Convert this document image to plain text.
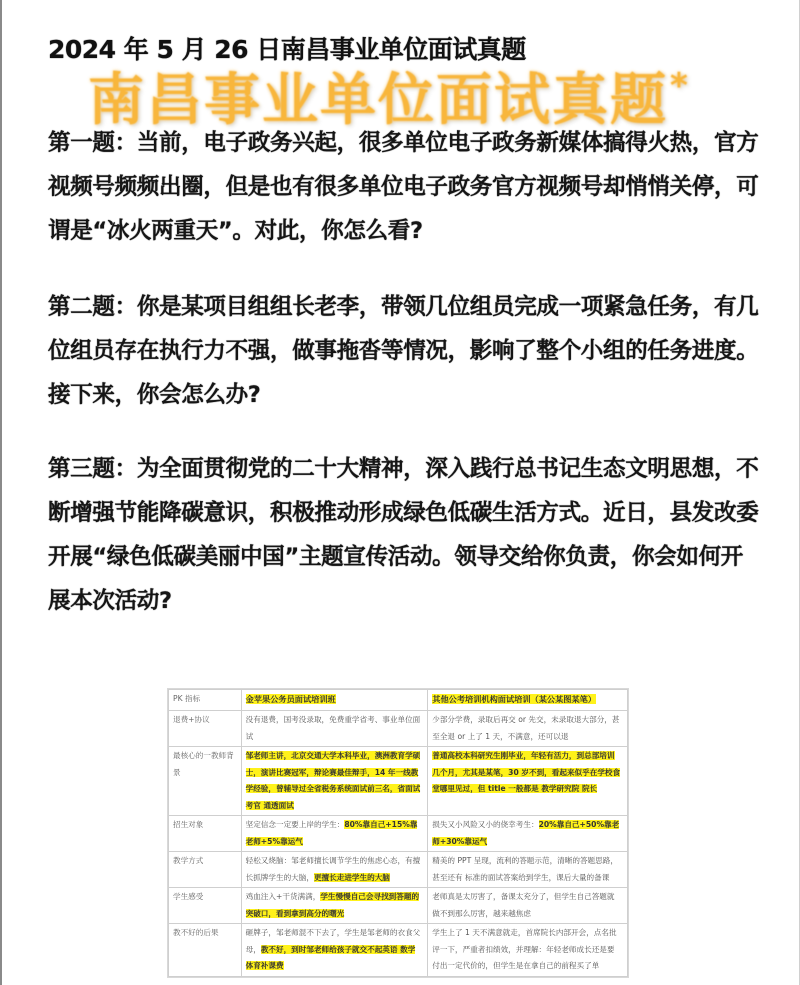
2024 年 5 月 26 日南昌事业单位面试真题
南昌事业单位面试真题*
第一题：当前，电子政务兴起，很多单位电子政务新媒体搞得火热，官方视频号频频出圈，但是也有很多单位电子政务官方视频号却悄悄关停，可谓是“冰火两重天”。对此，你怎么看?
第二题：你是某项目组组长老李，带领几位组员完成一项紧急任务，有几位组员存在执行力不强，做事拖沓等情况，影响了整个小组的任务进度。接下来，你会怎么办?
第三题：为全面贯彻党的二十大精神，深入践行总书记生态文明思想，不断增强节能降碳意识，积极推动形成绿色低碳生活方式。近日，县发改委开展“绿色低碳美丽中国”主题宣传活动。领导交给你负责，你会如何开展本次活动?
PK 指标	金苹果公务员面试培训班	其他公考培训机构面试培训（某公某图某笔）
退费+协议	没有退费，国考没录取，免费重学省考、事业单位面试	少部分学费，录取后再交 or 先交，未录取退大部分，甚至全退 or 上了 1 天，不满意，还可以退
最核心的一教师背景	邹老师主讲，北京交通大学本科毕业，澳洲教育学硕士，演讲比赛冠军，辩论赛最佳辩手，14 年一线教学经验，曾辅导过全省税务系统面试前三名，省面试考官 通透面试	普通高校本科研究生刚毕业，年轻有活力，到总部培训几个月，尤其是某笔，30 岁不到，看起来似乎在学校食堂哪里见过，但 title 一般都是 教学研究院 院长
招生对象	坚定信念一定要上岸的学生：80%靠自己+15%靠老师+5%靠运气	损失又小风险又小的侥幸考生：20%靠自己+50%靠老师+30%靠运气
教学方式	轻松又烧脑：邹老师擅长调节学生的焦虑心态，有擅长抓牌学生的大脑，更擅长走进学生的大脑	精美的 PPT 呈现，流利的答题示范，清晰的答题思路，甚至还有 标准的面试答案给到学生，课后大量的备课
学生感受	鸡血注入+干货满满，学生慢慢自己会寻找到答题的突破口，看到拿到高分的曙光	老师真是太厉害了，备课太充分了，但学生自己答题就做不到那么厉害，越来越焦虑
教不好的后果	砸牌子，邹老师混不下去了，学生是邹老师的衣食父母，教不好，到时邹老师给孩子就交不起英语 数学 体育补课费	学生上了 1 天不满意就走，首席院长内部开会，点名批评一下，严重者扣绩效，并理解：年轻老师成长还是要付出一定代价的，但学生是在拿自己的前程买了单
